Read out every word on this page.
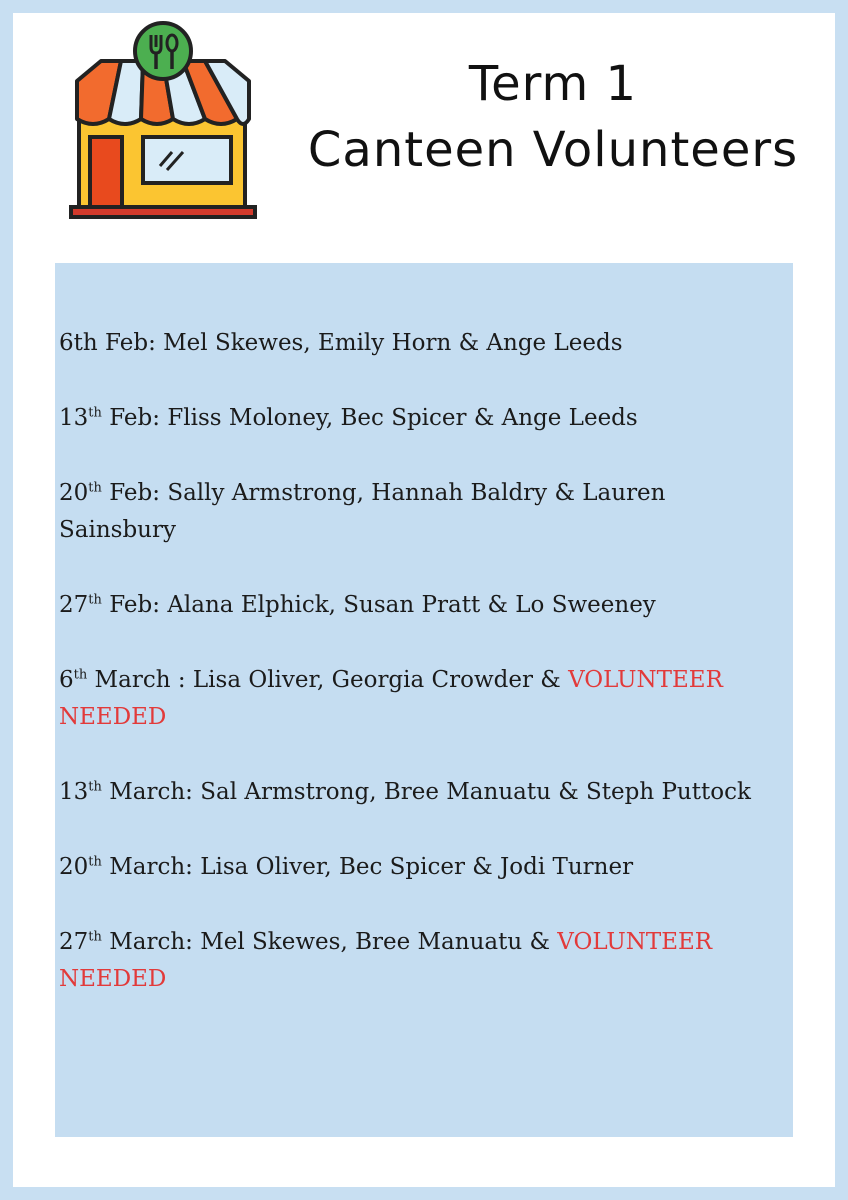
Term 1
Canteen Volunteers
6th Feb: Mel Skewes, Emily Horn & Ange Leeds
13th Feb: Fliss Moloney, Bec Spicer & Ange Leeds
20th Feb: Sally Armstrong, Hannah Baldry & Lauren Sainsbury
27th Feb: Alana Elphick, Susan Pratt & Lo Sweeney
6th March : Lisa Oliver, Georgia Crowder & VOLUNTEER NEEDED
13th March: Sal Armstrong, Bree Manuatu & Steph Puttock
20th March: Lisa Oliver, Bec Spicer & Jodi Turner
27th March: Mel Skewes, Bree Manuatu & VOLUNTEER NEEDED
